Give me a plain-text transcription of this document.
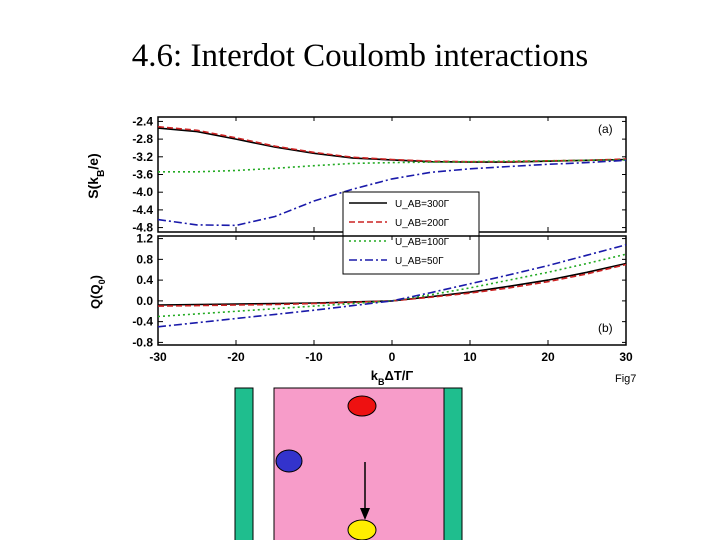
4.6: Interdot Coulomb interactions
-2.4
-2.8
-3.2
-3.6
-4.0
-4.4
-4.8
(a)
$S(k_B/e)$
U_AB=300Γ
U_AB=200Γ
U_AB=100Γ
U_AB=50Γ
1.2
0.8
0.4
0.0
-0.4
-0.8
-30	-20	-10	0	10	20	30
(b)
$Q(Q_0)$
$k_B\Delta T/\Gamma$	Fig7
